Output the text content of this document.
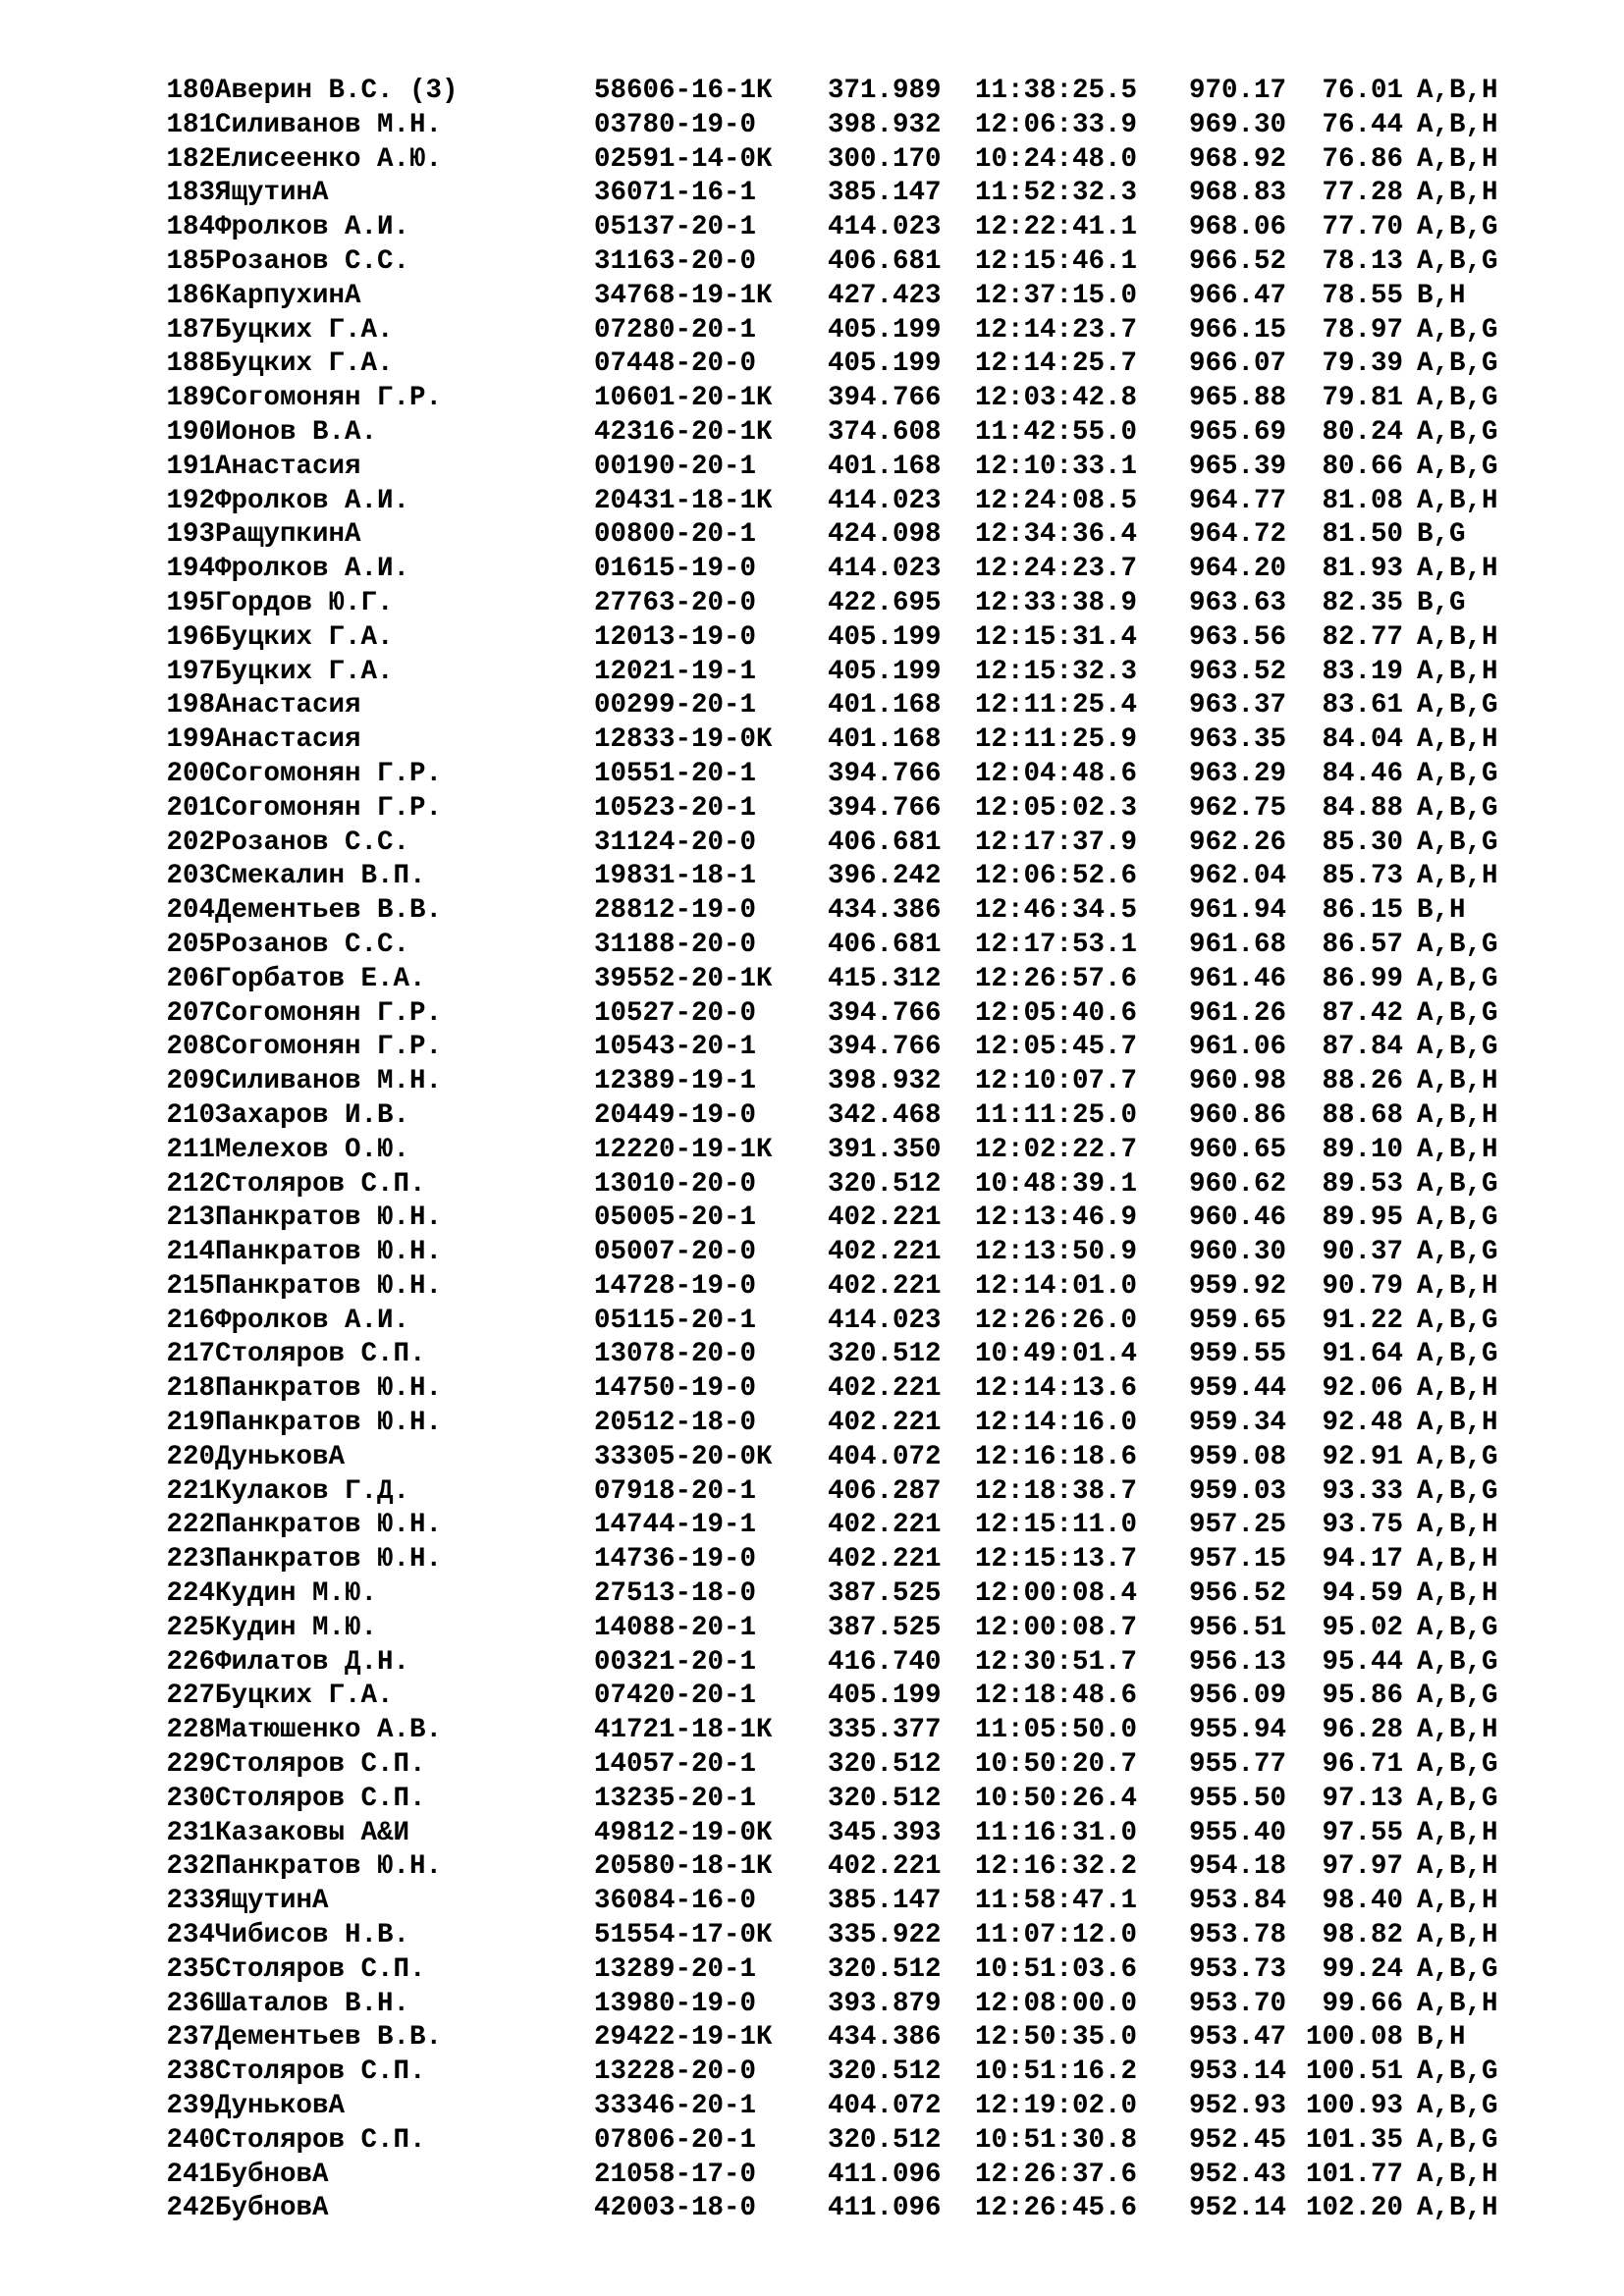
180Аверин В.С. (3)	58606-16-1К 371.989 11:38:25.5 970.17 76.01 A,B,H
181Силиванов М.Н.	03780-19-0	398.932 12:06:33.9 969.30 76.44 A,B,H
182Елисеенко А.Ю.	02591-14-0К 300.170 10:24:48.0 968.92 76.86 A,B,H
183ЯщутинА	36071-16-1	385.147 11:52:32.3 968.83 77.28 A,B,H
184Фролков А.И.	05137-20-1	414.023 12:22:41.1 968.06 77.70 A,B,G
185Розанов С.С.	31163-20-0	406.681 12:15:46.1 966.52 78.13 A,B,G
186КарпухинА	34768-19-1К 427.423 12:37:15.0 966.47 78.55 B,H
187Буцких Г.А.	07280-20-1	405.199 12:14:23.7 966.15 78.97 A,B,G
188Буцких Г.А.	07448-20-0	405.199 12:14:25.7 966.07 79.39 A,B,G
189Согомонян Г.Р.	10601-20-1К 394.766 12:03:42.8 965.88 79.81 A,B,G
190Ионов В.А.	42316-20-1К 374.608 11:42:55.0 965.69 80.24 A,B,G
191Анастасия	00190-20-1	401.168 12:10:33.1 965.39 80.66 A,B,G
192Фролков А.И.	20431-18-1К 414.023 12:24:08.5 964.77 81.08 A,B,H
193РащупкинА	00800-20-1	424.098 12:34:36.4 964.72 81.50 B,G
194Фролков А.И.	01615-19-0	414.023 12:24:23.7 964.20 81.93 A,B,H
195Гордов Ю.Г.	27763-20-0	422.695 12:33:38.9 963.63 82.35 B,G
196Буцких Г.А.	12013-19-0	405.199 12:15:31.4 963.56 82.77 A,B,H
197Буцких Г.А.	12021-19-1	405.199 12:15:32.3 963.52 83.19 A,B,H
198Анастасия	00299-20-1	401.168 12:11:25.4 963.37 83.61 A,B,G
199Анастасия	12833-19-0К 401.168 12:11:25.9 963.35 84.04 A,B,H
200Согомонян Г.Р.	10551-20-1	394.766 12:04:48.6 963.29 84.46 A,B,G
201Согомонян Г.Р.	10523-20-1	394.766 12:05:02.3 962.75 84.88 A,B,G
202Розанов С.С.	31124-20-0	406.681 12:17:37.9 962.26 85.30 A,B,G
203Смекалин В.П.	19831-18-1	396.242 12:06:52.6 962.04 85.73 A,B,H
204Дементьев В.В.	28812-19-0	434.386 12:46:34.5 961.94 86.15 B,H
205Розанов С.С.	31188-20-0	406.681 12:17:53.1 961.68 86.57 A,B,G
206Горбатов Е.А.	39552-20-1К 415.312 12:26:57.6 961.46 86.99 A,B,G
207Согомонян Г.Р.	10527-20-0	394.766 12:05:40.6 961.26 87.42 A,B,G
208Согомонян Г.Р.	10543-20-1	394.766 12:05:45.7 961.06 87.84 A,B,G
209Силиванов М.Н.	12389-19-1	398.932 12:10:07.7 960.98 88.26 A,B,H
210Захаров И.В.	20449-19-0	342.468 11:11:25.0 960.86 88.68 A,B,H
211Мелехов О.Ю.	12220-19-1К 391.350 12:02:22.7 960.65 89.10 A,B,H
212Столяров С.П.	13010-20-0	320.512 10:48:39.1 960.62 89.53 A,B,G
213Панкратов Ю.Н.	05005-20-1	402.221 12:13:46.9 960.46 89.95 A,B,G
214Панкратов Ю.Н.	05007-20-0	402.221 12:13:50.9 960.30 90.37 A,B,G
215Панкратов Ю.Н.	14728-19-0	402.221 12:14:01.0 959.92 90.79 A,B,H
216Фролков А.И.	05115-20-1	414.023 12:26:26.0 959.65 91.22 A,B,G
217Столяров С.П.	13078-20-0	320.512 10:49:01.4 959.55 91.64 A,B,G
218Панкратов Ю.Н.	14750-19-0	402.221 12:14:13.6 959.44 92.06 A,B,H
219Панкратов Ю.Н.	20512-18-0	402.221 12:14:16.0 959.34 92.48 A,B,H
220ДуньковА	33305-20-0К 404.072 12:16:18.6 959.08 92.91 A,B,G
221Кулаков Г.Д.	07918-20-1	406.287 12:18:38.7 959.03 93.33 A,B,G
222Панкратов Ю.Н.	14744-19-1	402.221 12:15:11.0 957.25 93.75 A,B,H
223Панкратов Ю.Н.	14736-19-0	402.221 12:15:13.7 957.15 94.17 A,B,H
224Кудин М.Ю.	27513-18-0	387.525 12:00:08.4 956.52 94.59 A,B,H
225Кудин М.Ю.	14088-20-1	387.525 12:00:08.7 956.51 95.02 A,B,G
226Филатов Д.Н.	00321-20-1	416.740 12:30:51.7 956.13 95.44 A,B,G
227Буцких Г.А.	07420-20-1	405.199 12:18:48.6 956.09 95.86 A,B,G
228Матюшенко А.В.	41721-18-1К 335.377 11:05:50.0 955.94 96.28 A,B,H
229Столяров С.П.	14057-20-1	320.512 10:50:20.7 955.77 96.71 A,B,G
230Столяров С.П.	13235-20-1	320.512 10:50:26.4 955.50 97.13 A,B,G
231Казаковы А&И	49812-19-0К 345.393 11:16:31.0 955.40 97.55 A,B,H
232Панкратов Ю.Н.	20580-18-1К 402.221 12:16:32.2 954.18 97.97 A,B,H
233ЯщутинА	36084-16-0	385.147 11:58:47.1 953.84 98.40 A,B,H
234Чибисов Н.В.	51554-17-0К 335.922 11:07:12.0 953.78 98.82 A,B,H
235Столяров С.П.	13289-20-1	320.512 10:51:03.6 953.73 99.24 A,B,G
236Шаталов В.Н.	13980-19-0	393.879 12:08:00.0 953.70 99.66 A,B,H
237Дементьев В.В.	29422-19-1К 434.386 12:50:35.0 953.47 100.08 B,H
238Столяров С.П.	13228-20-0	320.512 10:51:16.2 953.14 100.51 A,B,G
239ДуньковА	33346-20-1	404.072 12:19:02.0 952.93 100.93 A,B,G
240Столяров С.П.	07806-20-1	320.512 10:51:30.8 952.45 101.35 A,B,G
241БубновА	21058-17-0	411.096 12:26:37.6 952.43 101.77 A,B,H
242БубновА	42003-18-0	411.096 12:26:45.6 952.14 102.20 A,B,H
